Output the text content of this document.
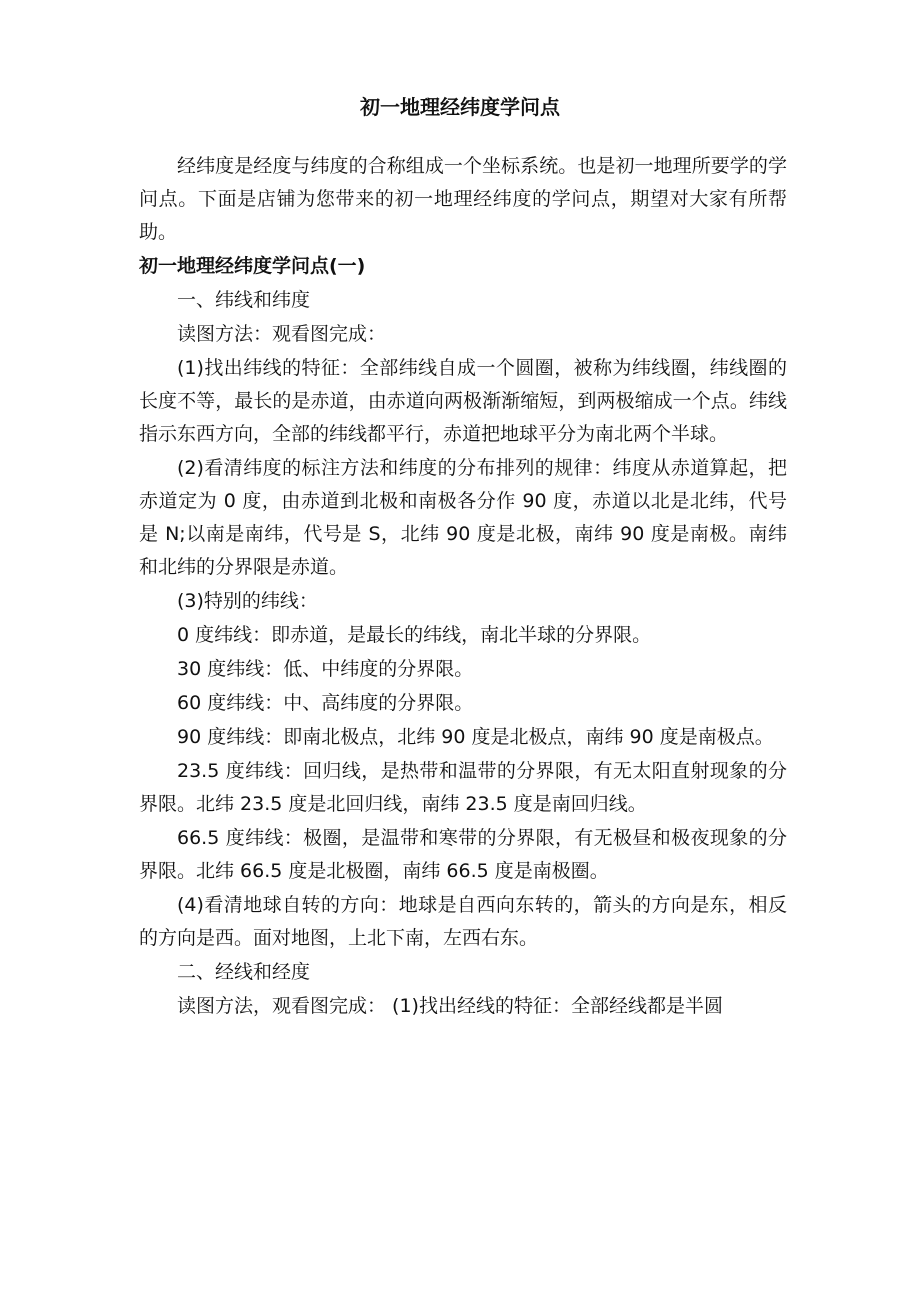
初一地理经纬度学问点

经纬度是经度与纬度的合称组成一个坐标系统。也是初一地理所要学的学问点。下面是店铺为您带来的初一地理经纬度的学问点，期望对大家有所帮助。

初一地理经纬度学问点(一)

一、纬线和纬度

读图方法：观看图完成：

(1)找出纬线的特征：全部纬线自成一个圆圈，被称为纬线圈，纬线圈的长度不等，最长的是赤道，由赤道向两极渐渐缩短，到两极缩成一个点。纬线指示东西方向，全部的纬线都平行，赤道把地球平分为南北两个半球。

(2)看清纬度的标注方法和纬度的分布排列的规律：纬度从赤道算起，把赤道定为 0 度，由赤道到北极和南极各分作 90 度，赤道以北是北纬，代号是 N;以南是南纬，代号是 S，北纬 90 度是北极，南纬 90 度是南极。南纬和北纬的分界限是赤道。

(3)特别的纬线：

0 度纬线：即赤道，是最长的纬线，南北半球的分界限。

30 度纬线：低、中纬度的分界限。

60 度纬线：中、高纬度的分界限。

90 度纬线：即南北极点，北纬 90 度是北极点，南纬 90 度是南极点。

23.5 度纬线：回归线，是热带和温带的分界限，有无太阳直射现象的分界限。北纬 23.5 度是北回归线，南纬 23.5 度是南回归线。

66.5 度纬线：极圈，是温带和寒带的分界限，有无极昼和极夜现象的分界限。北纬 66.5 度是北极圈，南纬 66.5 度是南极圈。

(4)看清地球自转的方向：地球是自西向东转的，箭头的方向是东，相反的方向是西。面对地图，上北下南，左西右东。

二、经线和经度

读图方法，观看图完成： (1)找出经线的特征：全部经线都是半圆
